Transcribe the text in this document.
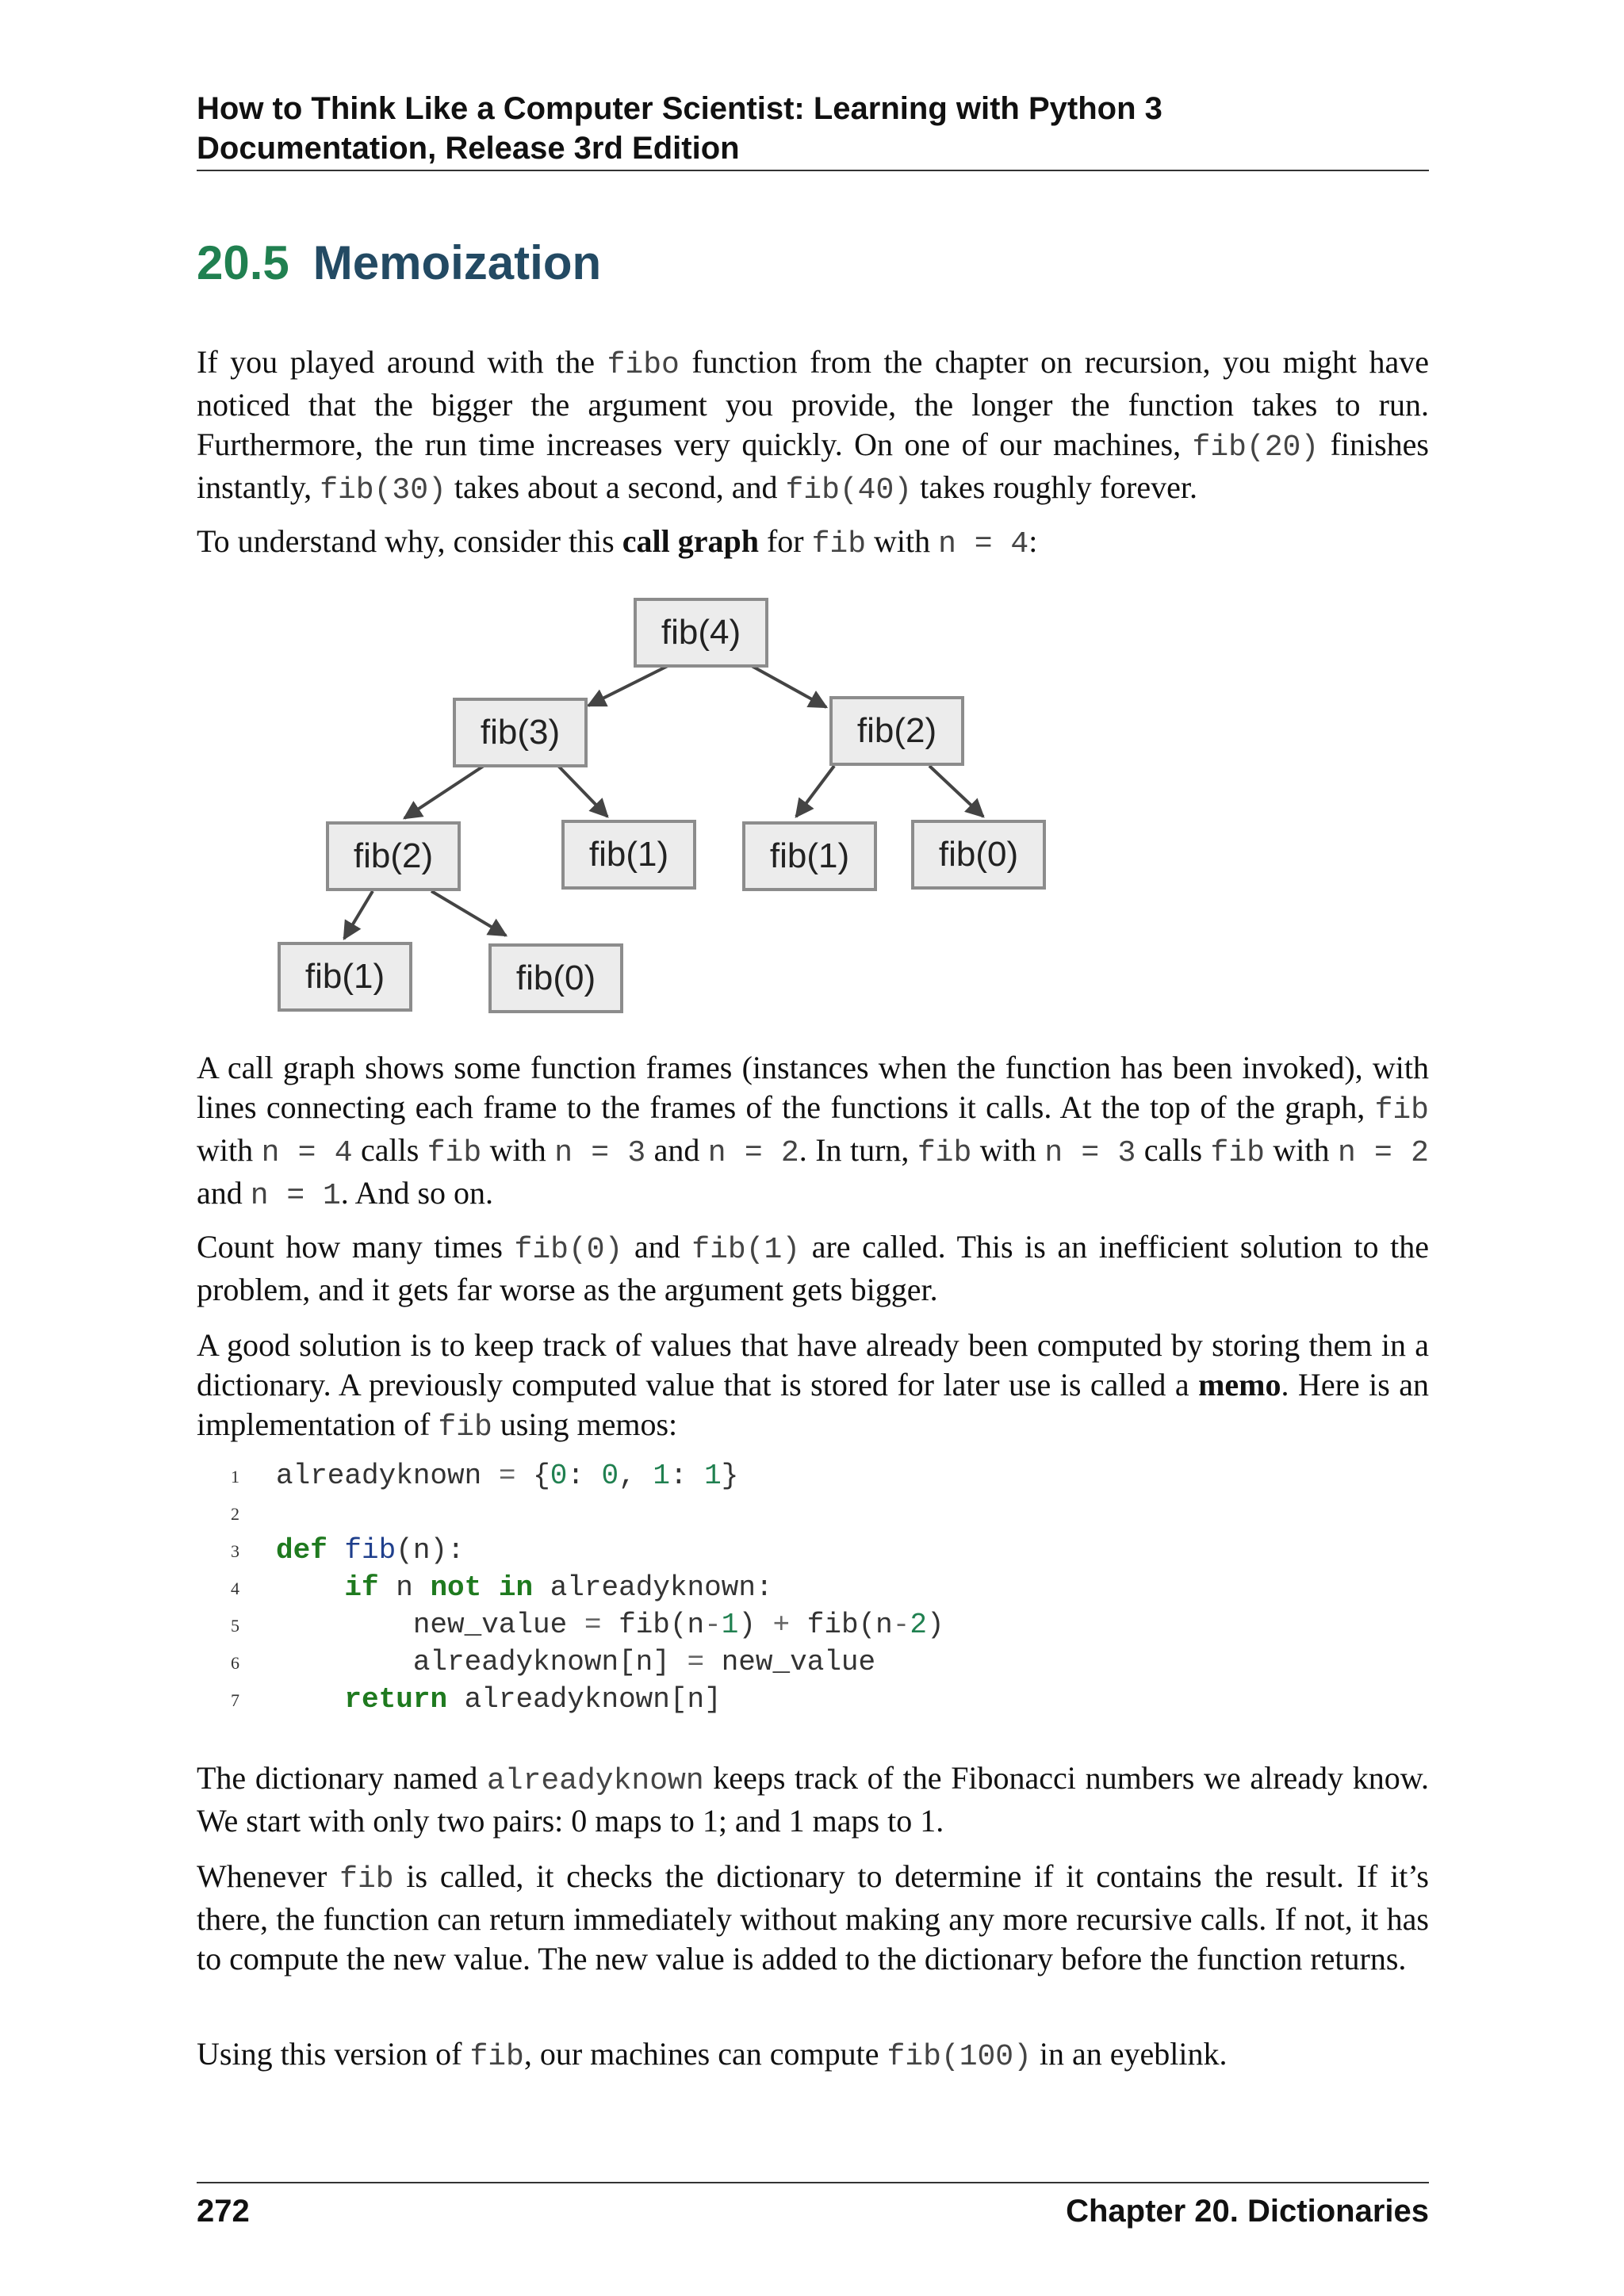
How to Think Like a Computer Scientist: Learning with Python 3
Documentation, Release 3rd Edition
20.5 Memoization

If you played around with the fibo function from the chapter on recursion, you might have noticed that the bigger the argument you provide, the longer the function takes to run. Furthermore, the run time increases very quickly. On one of our machines, fib(20) finishes instantly, fib(30) takes about a second, and fib(40) takes roughly forever.

To understand why, consider this call graph for fib with n = 4:

fib(4)
fib(3)	fib(2)
fib(2)	fib(1)	fib(1)	fib(0)
fib(1)	fib(0)

A call graph shows some function frames (instances when the function has been invoked), with lines connecting each frame to the frames of the functions it calls. At the top of the graph, fib with n = 4 calls fib with n = 3 and n = 2. In turn, fib with n = 3 calls fib with n = 2 and n = 1. And so on.

Count how many times fib(0) and fib(1) are called. This is an inefficient solution to the problem, and it gets far worse as the argument gets bigger.

A good solution is to keep track of values that have already been computed by storing them in a dictionary. A previously computed value that is stored for later use is called a memo. Here is an implementation of fib using memos:

1	alreadyknown = {0: 0, 1: 1}
2
3	def fib(n):
4	if n not in alreadyknown:
5	new_value = fib(n-1) + fib(n-2)
6	alreadyknown[n] = new_value
7	return alreadyknown[n]

The dictionary named alreadyknown keeps track of the Fibonacci numbers we already know. We start with only two pairs: 0 maps to 1; and 1 maps to 1.

Whenever fib is called, it checks the dictionary to determine if it contains the result. If it’s there, the function can return immediately without making any more recursive calls. If not, it has to compute the new value. The new value is added to the dictionary before the function returns.

Using this version of fib, our machines can compute fib(100) in an eyeblink.

272	Chapter 20. Dictionaries
